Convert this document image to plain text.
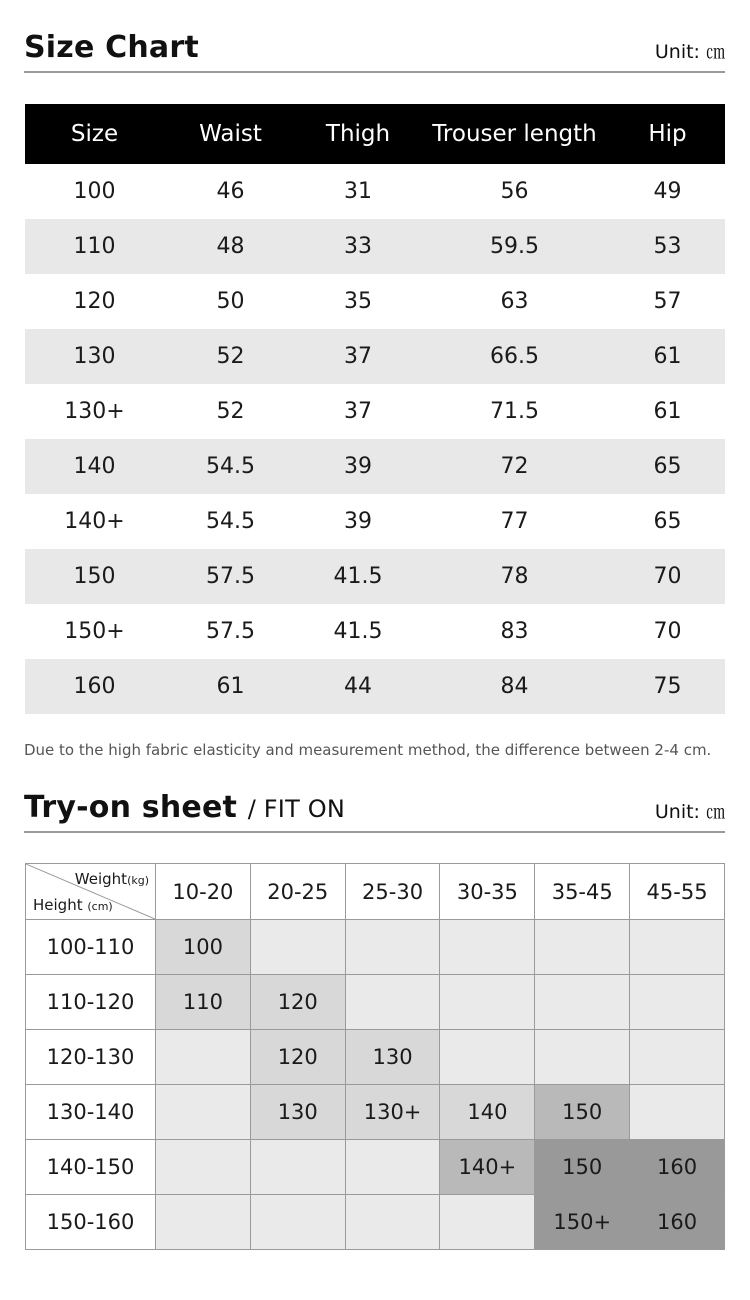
Size Chart	Unit: ㎝
Size	Waist	Thigh	Trouser length	Hip
100	46	31	56	49
110	48	33	59.5	53
120	50	35	63	57
130	52	37	66.5	61
130+	52	37	71.5	61
140	54.5	39	72	65
140+	54.5	39	77	65
150	57.5	41.5	78	70
150+	57.5	41.5	83	70
160	61	44	84	75
Due to the high fabric elasticity and measurement method, the difference between 2-4 cm.
Try-on sheet / FIT ON	Unit: ㎝
Weight(kg)
Height (cm)	10-20	20-25	25-30	30-35	35-45	45-55
100-110	100					
110-120	110	120				
120-130		120	130			
130-140		130	130+	140	150	
140-150				140+	150	160
150-160					150+	160
